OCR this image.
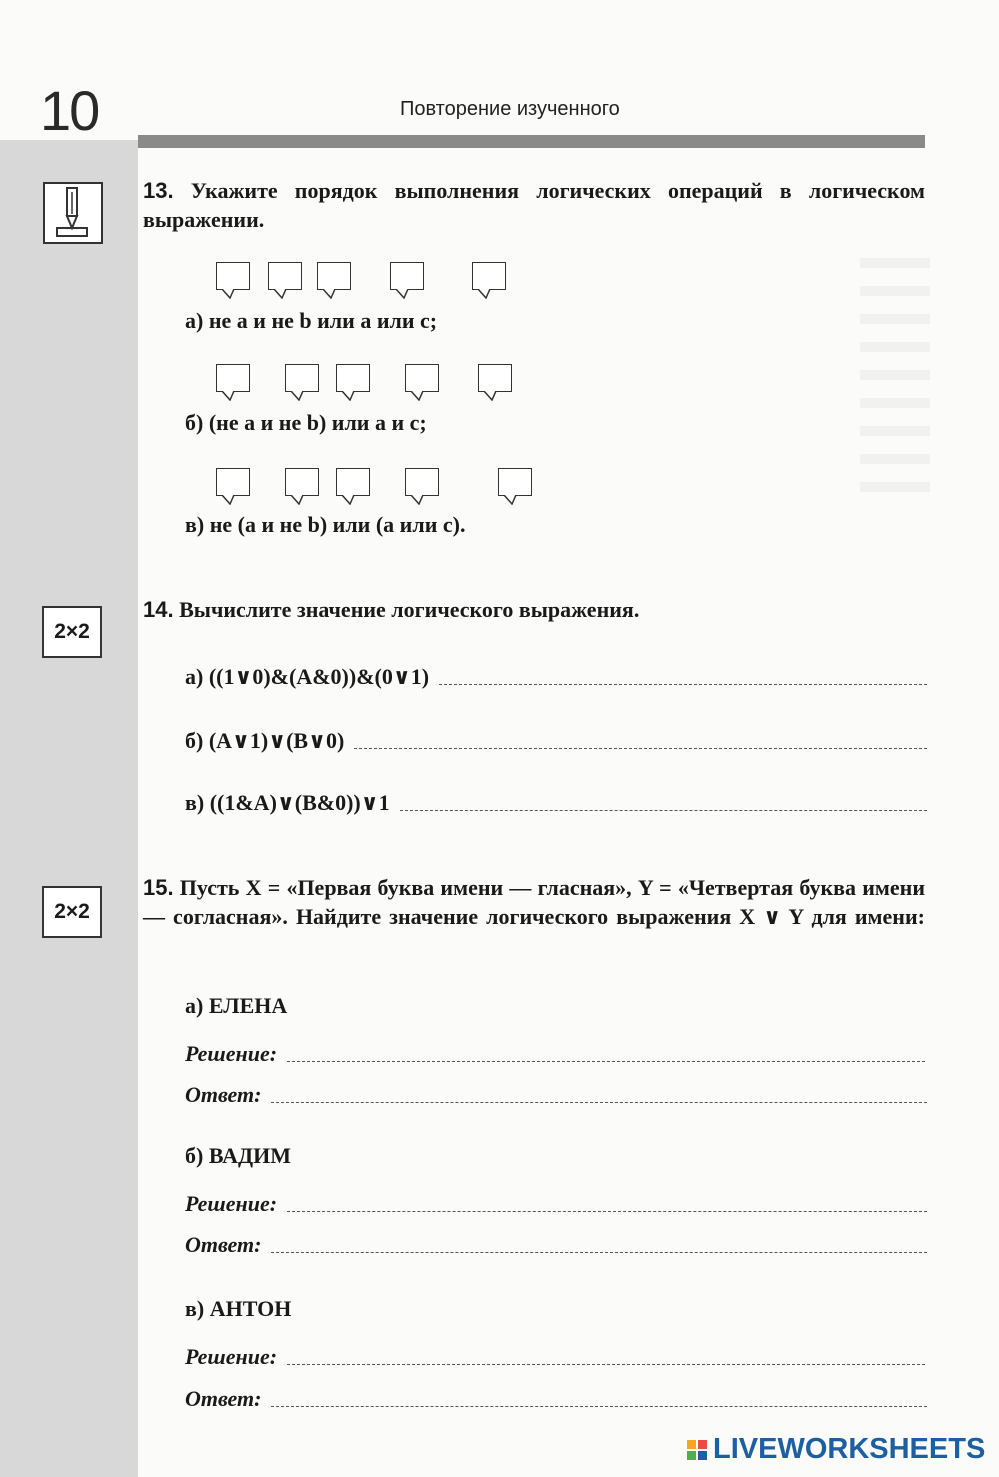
10	Повторение изученного

13. Укажите порядок выполнения логических операций в логическом выражении.

а) не a и не b или a или c;
б) (не a и не b) или a и c;
в) не (a и не b) или (a или c).
2×2

14. Вычислите значение логического выражения.

а) ((1∨0)&(A&0))&(0∨1)
б) (A∨1)∨(B∨0)
в) ((1&A)∨(B&0))∨1
2×2

15. Пусть X = «Первая буква имени — гласная», Y = «Четвертая буква имени — согласная». Найдите значение логического выражения X ∨ Y для имени:

а) ЕЛЕНА
Решение:
Ответ:
б) ВАДИМ
Решение:
Ответ:
в) АНТОН
Решение:
Ответ:
LIVEWORKSHEETS
